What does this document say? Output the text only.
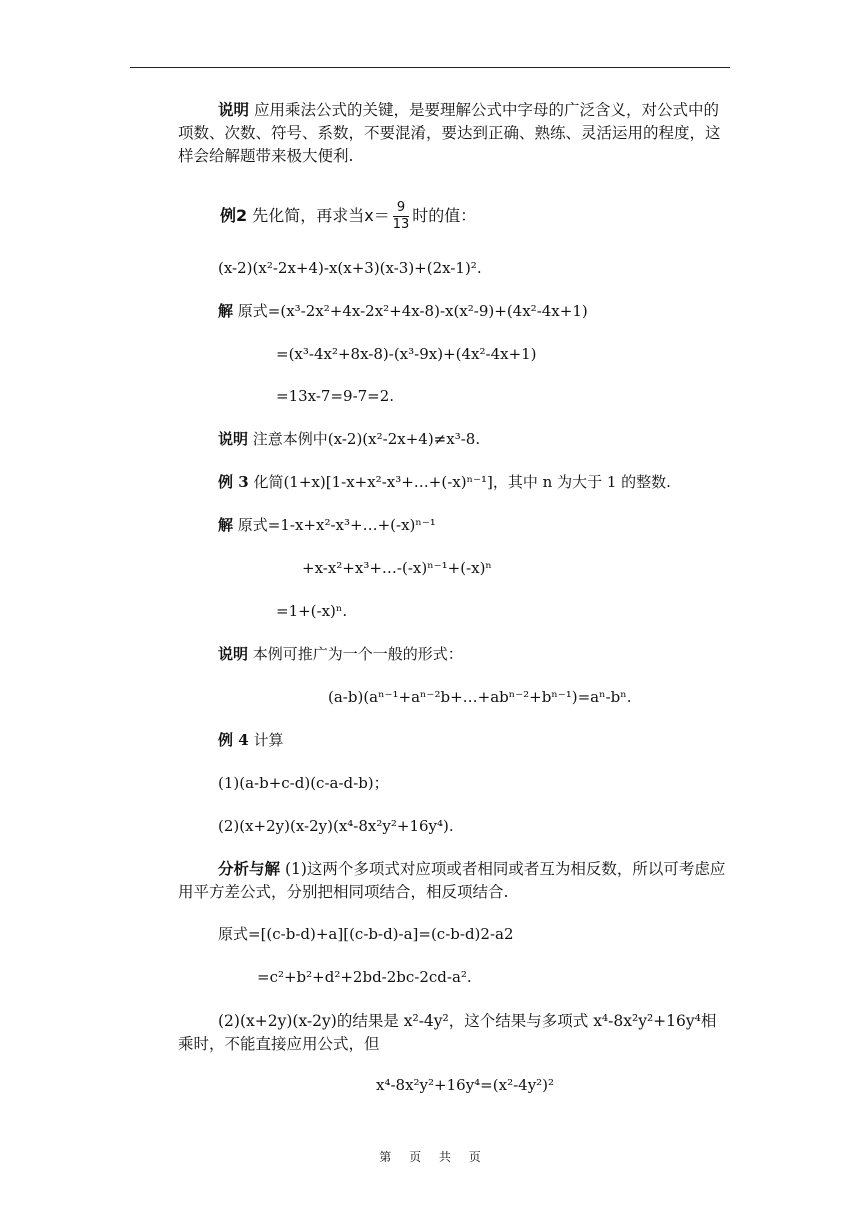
说明 应用乘法公式的关键，是要理解公式中字母的广泛含义，对公式中的项数、次数、符号、系数，不要混淆，要达到正确、熟练、灵活运用的程度，这样会给解题带来极大便利.
例2 先化简，再求当$x= \frac{9}{13}$ 时的值：
(x-2)(x²-2x+4)-x(x+3)(x-3)+(2x-1)².
解 原式=(x³-2x²+4x-2x²+4x-8)-x(x²-9)+(4x²-4x+1)
=(x³-4x²+8x-8)-(x³-9x)+(4x²-4x+1)
=13x-7=9-7=2.
说明 注意本例中(x-2)(x²-2x+4)≠x³-8.
例 3 化简(1+x)[1-x+x²-x³+…+(-x)ⁿ⁻¹]，其中 n 为大于 1 的整数.
解 原式=1-x+x²-x³+…+(-x)ⁿ⁻¹
+x-x²+x³+…-(-x)ⁿ⁻¹+(-x)ⁿ
=1+(-x)ⁿ.
说明 本例可推广为一个一般的形式：
(a-b)(aⁿ⁻¹+aⁿ⁻²b+…+abⁿ⁻²+bⁿ⁻¹)=aⁿ-bⁿ.
例 4 计算
(1)(a-b+c-d)(c-a-d-b)；
(2)(x+2y)(x-2y)(x⁴-8x²y²+16y⁴).
分析与解 (1)这两个多项式对应项或者相同或者互为相反数，所以可考虑应用平方差公式，分别把相同项结合，相反项结合.
原式=[(c-b-d)+a][(c-b-d)-a]=(c-b-d)2-a2
=c²+b²+d²+2bd-2bc-2cd-a².
(2)(x+2y)(x-2y)的结果是 x²-4y²，这个结果与多项式 x⁴-8x²y²+16y⁴相乘时，不能直接应用公式，但
x⁴-8x²y²+16y⁴=(x²-4y²)²
第 页 共 页
